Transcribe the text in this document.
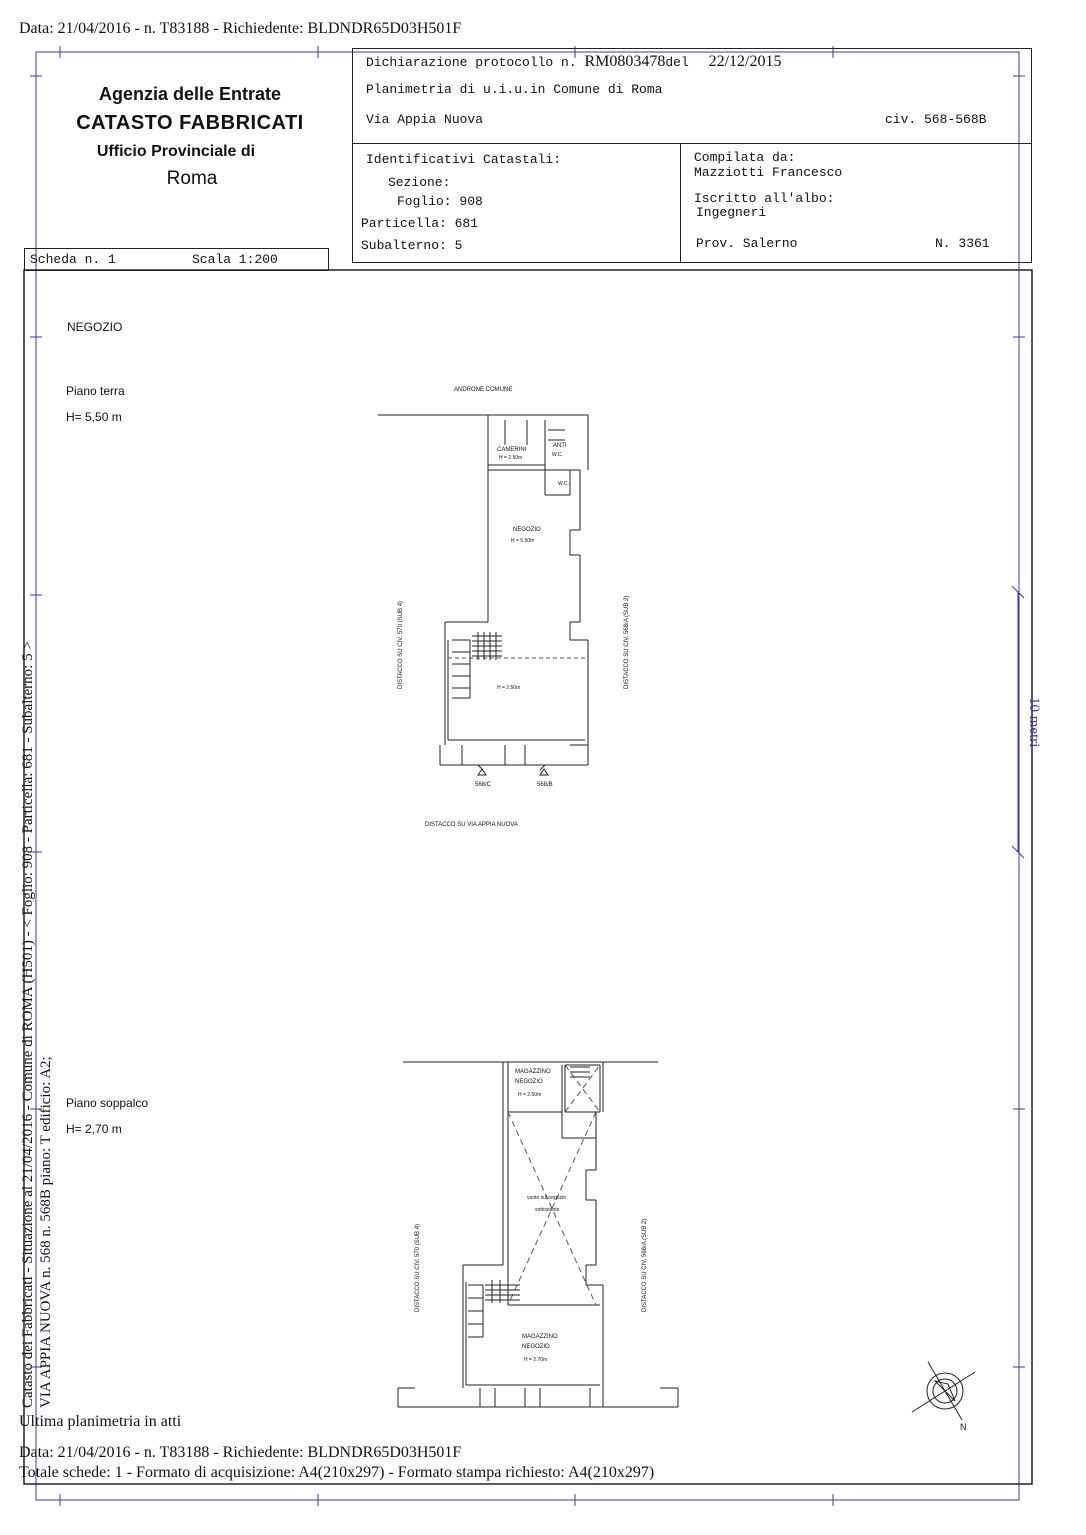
Data: 21/04/2016 - n. T83188 - Richiedente: BLDNDR65D03H501F
10 metri
Agenzia delle Entrate
CATASTO FABBRICATI
Ufficio Provinciale di
Roma
Dichiarazione protocollo n. RM0803478del 22/12/2015
Planimetria di u.i.u.in Comune di Roma
Via Appia Nuova	civ. 568-568B
Identificativi Catastali:
Sezione:
Foglio: 908
Particella: 681
Subalterno: 5
Compilata da:
Mazziotti Francesco
Iscritto all'albo:
Ingegneri
Prov. Salerno	N. 3361
Scheda n. 1	Scala 1:200
Catasto dei Fabbricati - Situazione al 21/04/2016 - Comune di ROMA (H501) - < Foglio: 908 - Particella: 681 - Subalterno: 5 > VIA APPIA NUOVA n. 568 n. 568B piano: T edificio: A2;
NEGOZIO
Piano terra
H= 5,50 m
Piano soppalco
H= 2,70 m
ANDRONE COMUNE
CAMERINI
H = 2.50m
ANTI
W.C.
W.C.
NEGOZIO
H = 5.50m
H = 2.50m
DISTACCO SU CIV. 570 (SUB 4)	DISTACCO SU CIV. 568/A (SUB 2)
568/C	568/B
DISTACCO SU VIA APPIA NUOVA
MAGAZZINO
NEGOZIO
H = 2.50m
vuoto sul negozio
sottostante
MAGAZZINO
NEGOZIO
H = 2.70m
DISTACCO SU CIV. 570 (SUB 4)	DISTACCO SU CIV. 568/A (SUB 2)
N
Ultima planimetria in atti
Data: 21/04/2016 - n. T83188 - Richiedente: BLDNDR65D03H501F
Totale schede: 1 - Formato di acquisizione: A4(210x297) - Formato stampa richiesto: A4(210x297)
